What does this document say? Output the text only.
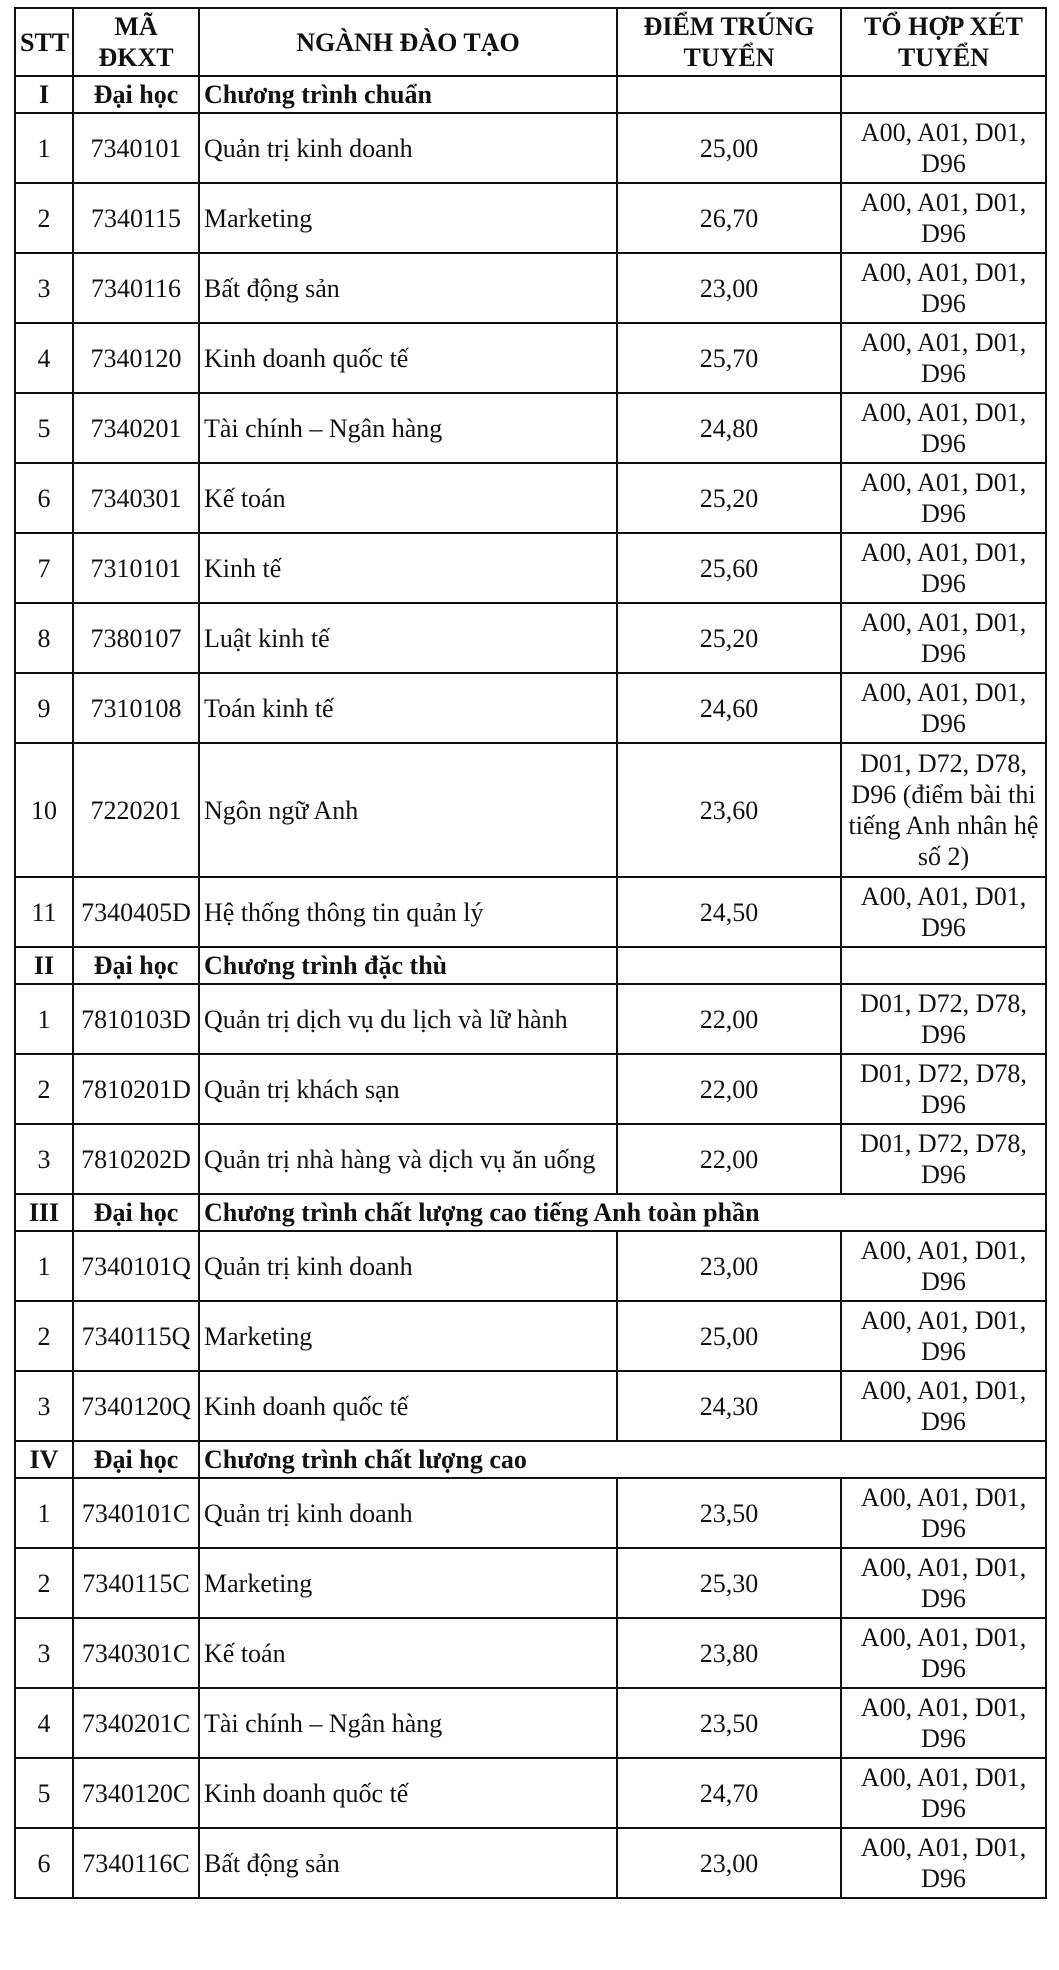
STT	MÃ ĐKXT	NGÀNH ĐÀO TẠO	ĐIỂM TRÚNG TUYỂN	TỔ HỢP XÉT TUYỂN
I	Đại học	Chương trình chuẩn		
1	7340101	Quản trị kinh doanh	25,00	A00, A01, D01, D96
2	7340115	Marketing	26,70	A00, A01, D01, D96
3	7340116	Bất động sản	23,00	A00, A01, D01, D96
4	7340120	Kinh doanh quốc tế	25,70	A00, A01, D01, D96
5	7340201	Tài chính – Ngân hàng	24,80	A00, A01, D01, D96
6	7340301	Kế toán	25,20	A00, A01, D01, D96
7	7310101	Kinh tế	25,60	A00, A01, D01, D96
8	7380107	Luật kinh tế	25,20	A00, A01, D01, D96
9	7310108	Toán kinh tế	24,60	A00, A01, D01, D96
10	7220201	Ngôn ngữ Anh	23,60	D01, D72, D78, D96 (điểm bài thi tiếng Anh nhân hệ số 2)
11	7340405D	Hệ thống thông tin quản lý	24,50	A00, A01, D01, D96
II	Đại học	Chương trình đặc thù		
1	7810103D	Quản trị dịch vụ du lịch và lữ hành	22,00	D01, D72, D78, D96
2	7810201D	Quản trị khách sạn	22,00	D01, D72, D78, D96
3	7810202D	Quản trị nhà hàng và dịch vụ ăn uống	22,00	D01, D72, D78, D96
III	Đại học	Chương trình chất lượng cao tiếng Anh toàn phần		
1	7340101Q	Quản trị kinh doanh	23,00	A00, A01, D01, D96
2	7340115Q	Marketing	25,00	A00, A01, D01, D96
3	7340120Q	Kinh doanh quốc tế	24,30	A00, A01, D01, D96
IV	Đại học	Chương trình chất lượng cao		
1	7340101C	Quản trị kinh doanh	23,50	A00, A01, D01, D96
2	7340115C	Marketing	25,30	A00, A01, D01, D96
3	7340301C	Kế toán	23,80	A00, A01, D01, D96
4	7340201C	Tài chính – Ngân hàng	23,50	A00, A01, D01, D96
5	7340120C	Kinh doanh quốc tế	24,70	A00, A01, D01, D96
6	7340116C	Bất động sản	23,00	A00, A01, D01, D96
